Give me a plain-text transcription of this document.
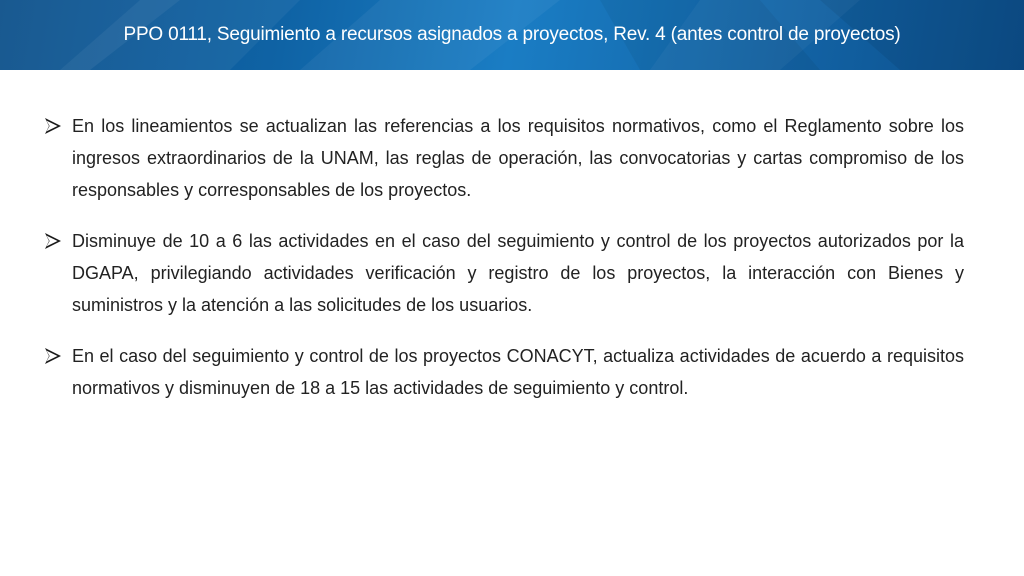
PPO 0111, Seguimiento a recursos asignados a proyectos, Rev. 4 (antes control de proyectos)
En los lineamientos se actualizan las referencias a los requisitos normativos, como el Reglamento sobre los ingresos extraordinarios de la UNAM, las reglas de operación, las convocatorias y cartas compromiso de los responsables y corresponsables de los proyectos.
Disminuye de 10 a 6 las actividades en el caso del seguimiento y control de los proyectos autorizados por la DGAPA, privilegiando actividades verificación y registro de los proyectos, la interacción con Bienes y suministros y la atención a las solicitudes de los usuarios.
En el caso del seguimiento y control de los proyectos CONACYT, actualiza actividades de acuerdo a requisitos normativos y disminuyen de 18 a 15 las actividades de seguimiento y control.
